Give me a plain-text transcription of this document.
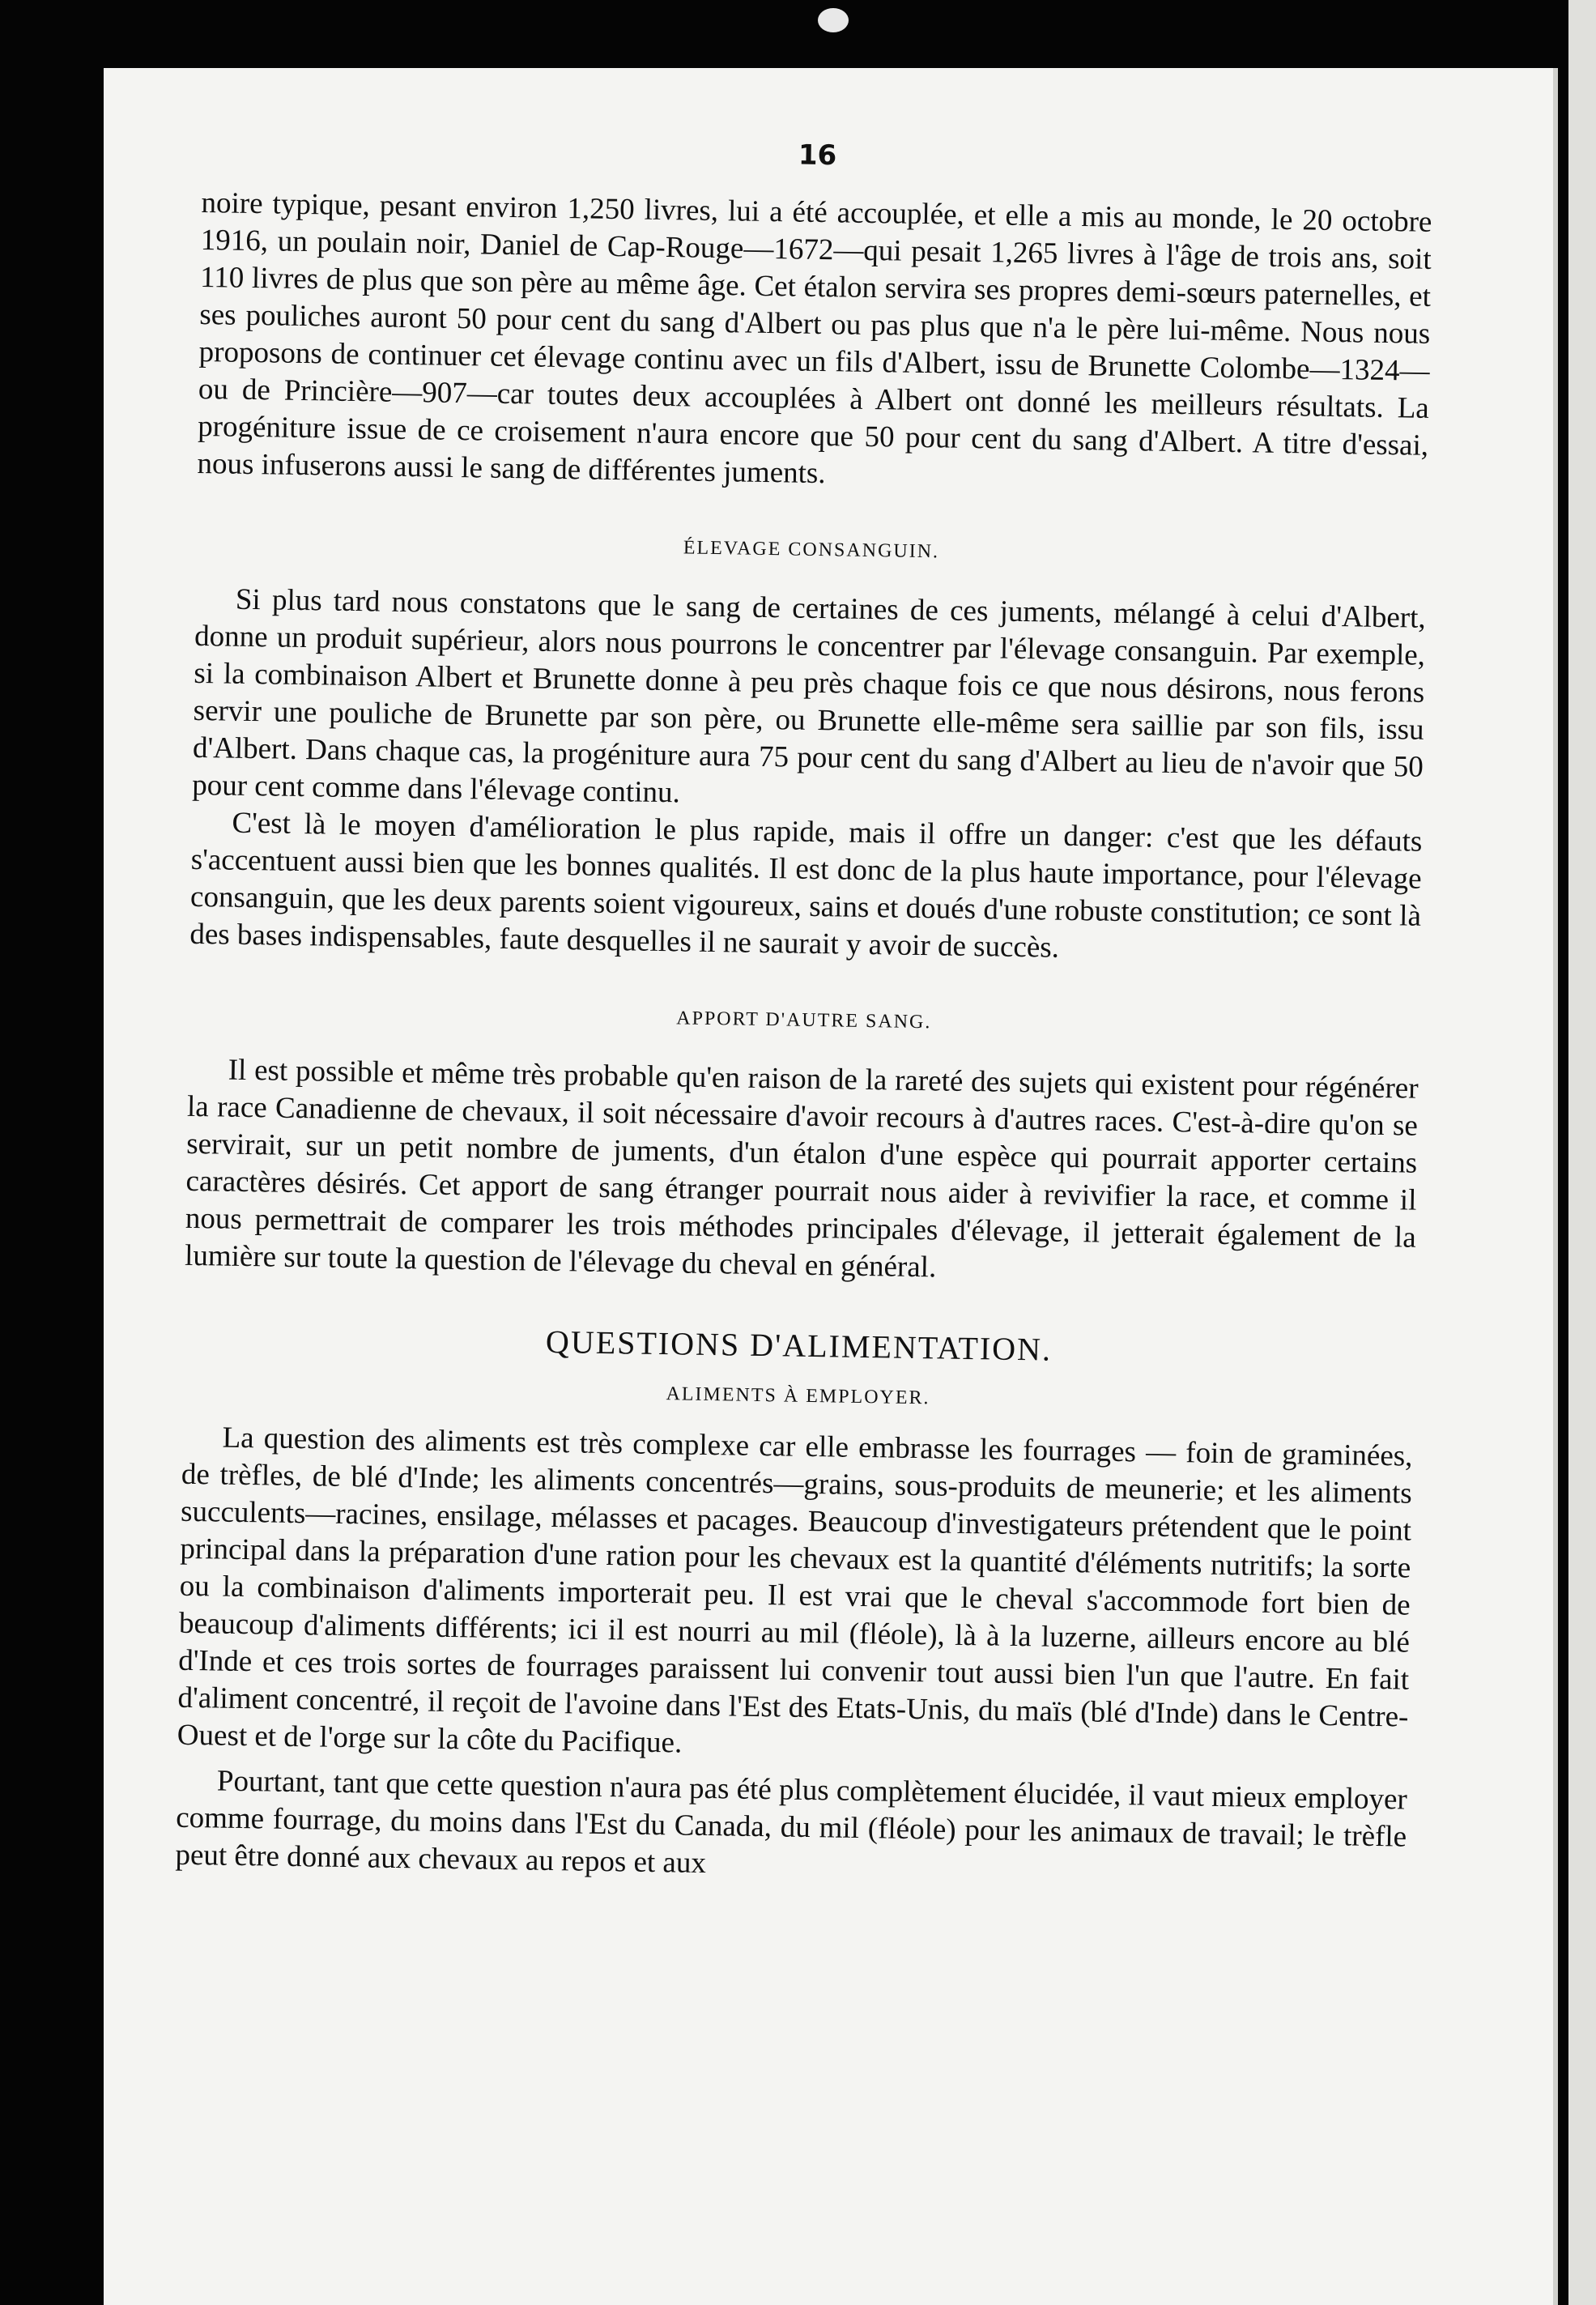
16

noire typique, pesant environ 1,250 livres, lui a été accouplée, et elle a mis au monde, le 20 octobre 1916, un poulain noir, Daniel de Cap-Rouge—1672—qui pesait 1,265 livres à l'âge de trois ans, soit 110 livres de plus que son père au même âge. Cet étalon servira ses propres demi-sœurs paternelles, et ses pouliches auront 50 pour cent du sang d'Albert ou pas plus que n'a le père lui-même. Nous nous proposons de continuer cet élevage continu avec un fils d'Albert, issu de Brunette Colombe—1324—ou de Princière—907—car toutes deux accouplées à Albert ont donné les meilleurs résultats. La progéniture issue de ce croisement n'aura encore que 50 pour cent du sang d'Albert. A titre d'essai, nous infuserons aussi le sang de différentes juments.

ÉLEVAGE CONSANGUIN.

Si plus tard nous constatons que le sang de certaines de ces juments, mélangé à celui d'Albert, donne un produit supérieur, alors nous pourrons le concentrer par l'élevage consanguin. Par exemple, si la combinaison Albert et Brunette donne à peu près chaque fois ce que nous désirons, nous ferons servir une pouliche de Brunette par son père, ou Brunette elle-même sera saillie par son fils, issu d'Albert. Dans chaque cas, la progéniture aura 75 pour cent du sang d'Albert au lieu de n'avoir que 50 pour cent comme dans l'élevage continu.

C'est là le moyen d'amélioration le plus rapide, mais il offre un danger: c'est que les défauts s'accentuent aussi bien que les bonnes qualités. Il est donc de la plus haute importance, pour l'élevage consanguin, que les deux parents soient vigoureux, sains et doués d'une robuste constitution; ce sont là des bases indispensables, faute desquelles il ne saurait y avoir de succès.

APPORT D'AUTRE SANG.

Il est possible et même très probable qu'en raison de la rareté des sujets qui existent pour régénérer la race Canadienne de chevaux, il soit nécessaire d'avoir recours à d'autres races. C'est-à-dire qu'on se servirait, sur un petit nombre de juments, d'un étalon d'une espèce qui pourrait apporter certains caractères désirés. Cet apport de sang étranger pourrait nous aider à revivifier la race, et comme il nous permettrait de comparer les trois méthodes principales d'élevage, il jetterait également de la lumière sur toute la question de l'élevage du cheval en général.

QUESTIONS D'ALIMENTATION.
ALIMENTS À EMPLOYER.

La question des aliments est très complexe car elle embrasse les fourrages — foin de graminées, de trèfles, de blé d'Inde; les aliments concentrés—grains, sous-produits de meunerie; et les aliments succulents—racines, ensilage, mélasses et pacages. Beaucoup d'investigateurs prétendent que le point principal dans la préparation d'une ration pour les chevaux est la quantité d'éléments nutritifs; la sorte ou la combinaison d'aliments importerait peu. Il est vrai que le cheval s'accommode fort bien de beaucoup d'aliments différents; ici il est nourri au mil (fléole), là à la luzerne, ailleurs encore au blé d'Inde et ces trois sortes de fourrages paraissent lui convenir tout aussi bien l'un que l'autre. En fait d'aliment concentré, il reçoit de l'avoine dans l'Est des Etats-Unis, du maïs (blé d'Inde) dans le Centre-Ouest et de l'orge sur la côte du Pacifique.

Pourtant, tant que cette question n'aura pas été plus complètement élucidée, il vaut mieux employer comme fourrage, du moins dans l'Est du Canada, du mil (fléole) pour les animaux de travail; le trèfle peut être donné aux chevaux au repos et aux
